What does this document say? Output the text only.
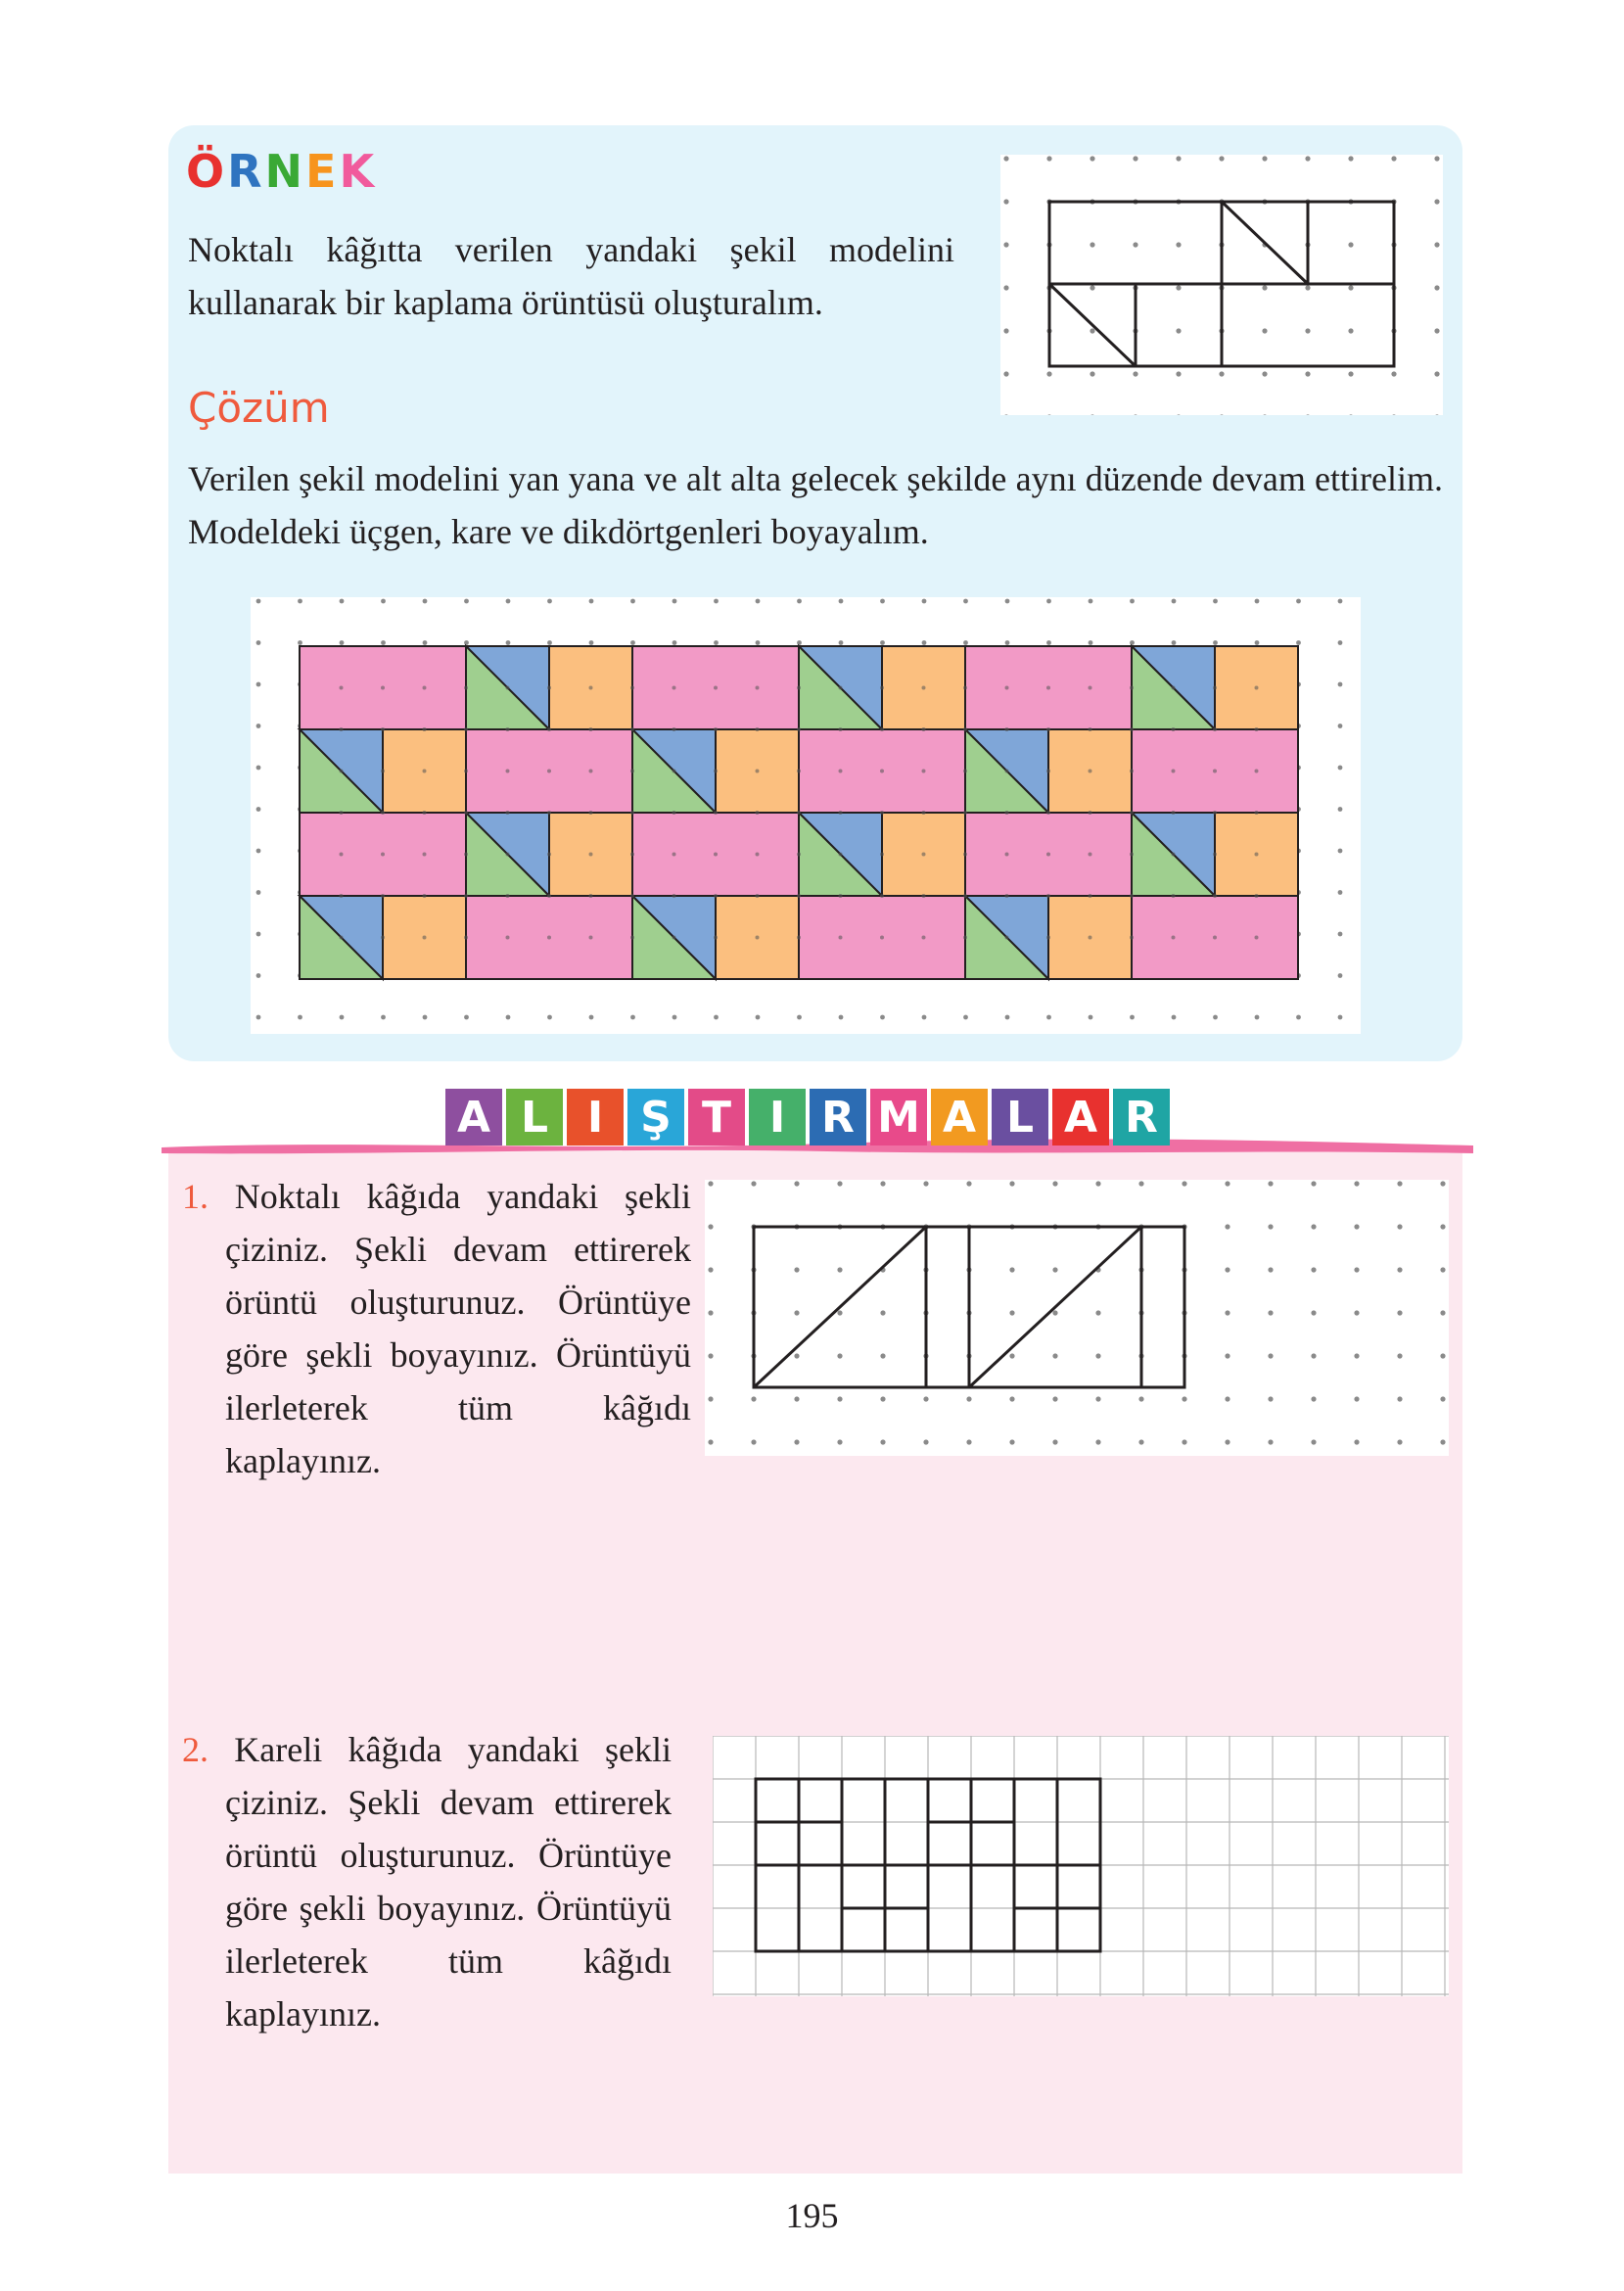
ÖRNEK

Noktalı kâğıtta verilen yandaki şekil modelini kullanarak bir kaplama örüntüsü oluşturalım.

Çözüm

Verilen şekil modelini yan yana ve alt alta gelecek şekilde aynı düzende devam ettirelim. Modeldeki üçgen, kare ve dikdörtgenleri boyayalım.

A L I Ş T I R M A L A R

1. Noktalı kâğıda yandaki şekli çiziniz. Şekli devam ettirerek örüntü oluşturunuz. Örüntüye göre şekli boyayınız. Örüntüyü ilerleterek tüm kâğıdı kaplayınız.

2. Kareli kâğıda yandaki şekli çiziniz. Şekli devam ettirerek örüntü oluşturunuz. Örüntüye göre şekli boyayınız. Örüntüyü ilerleterek tüm kâğıdı kaplayınız.

195
